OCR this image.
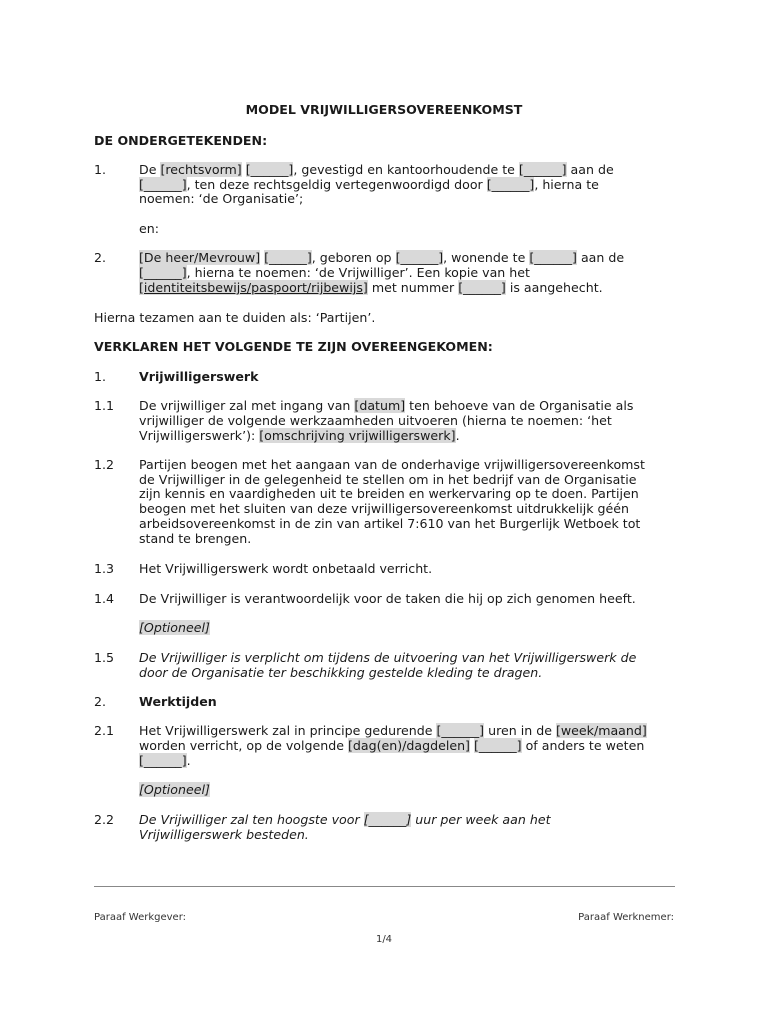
MODEL VRIJWILLIGERSOVEREENKOMST
DE ONDERGETEKENDEN:
1.	De [rechtsvorm] [______], gevestigd en kantoorhoudende te [______] aan de
[______], ten deze rechtsgeldig vertegenwoordigd door [______], hierna te
noemen: ‘de Organisatie’;
en:
2.	[De heer/Mevrouw] [______], geboren op [______], wonende te [______] aan de
[______], hierna te noemen: ‘de Vrijwilliger’. Een kopie van het
[identiteitsbewijs/paspoort/rijbewijs] met nummer [______] is aangehecht.
Hierna tezamen aan te duiden als: ‘Partijen’.
VERKLAREN HET VOLGENDE TE ZIJN OVEREENGEKOMEN:
1.	Vrijwilligerswerk
1.1 De vrijwilliger zal met ingang van [datum] ten behoeve van de Organisatie als
vrijwilliger de volgende werkzaamheden uitvoeren (hierna te noemen: ‘het
Vrijwilligerswerk’): [omschrijving vrijwilligerswerk].
1.2 Partijen beogen met het aangaan van de onderhavige vrijwilligersovereenkomst
de Vrijwilliger in de gelegenheid te stellen om in het bedrijf van de Organisatie
zijn kennis en vaardigheden uit te breiden en werkervaring op te doen. Partijen
beogen met het sluiten van deze vrijwilligersovereenkomst uitdrukkelijk géén
arbeidsovereenkomst in de zin van artikel 7:610 van het Burgerlijk Wetboek tot
stand te brengen.
1.3 Het Vrijwilligerswerk wordt onbetaald verricht.
1.4 De Vrijwilliger is verantwoordelijk voor de taken die hij op zich genomen heeft.
[Optioneel]
1.5 De Vrijwilliger is verplicht om tijdens de uitvoering van het Vrijwilligerswerk de
door de Organisatie ter beschikking gestelde kleding te dragen.
2.	Werktijden
2.1 Het Vrijwilligerswerk zal in principe gedurende [______] uren in de [week/maand]
worden verricht, op de volgende [dag(en)/dagdelen] [______] of anders te weten
[______].
[Optioneel]
2.2 De Vrijwilliger zal ten hoogste voor [______] uur per week aan het
Vrijwilligerswerk besteden.
Paraaf Werkgever:	Paraaf Werknemer:
1/4
